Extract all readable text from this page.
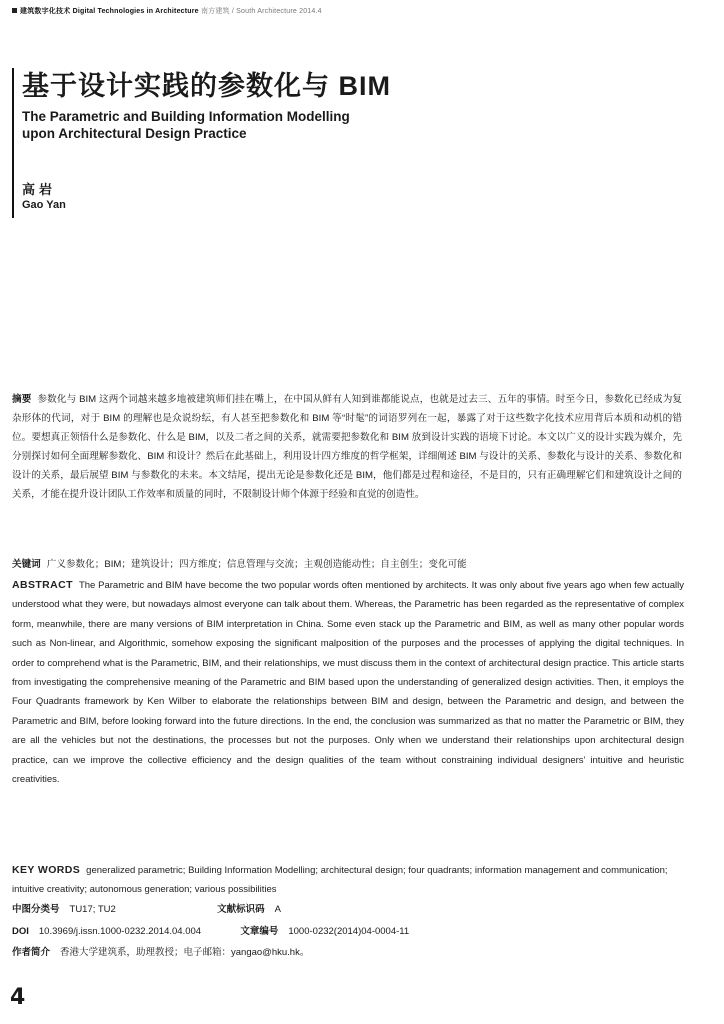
建筑数字化技术 Digital Technologies in Architecture 南方建筑 / South Architecture 2014.4
基于设计实践的参数化与 BIM
The Parametric and Building Information Modelling
upon Architectural Design Practice
高岩
Gao Yan

摘要 参数化与 BIM 这两个词越来越多地被建筑师们挂在嘴上，在中国从鲜有人知到谁都能说点，也就是过去三、五年的事情。时至今日，参数化已经成为复杂形体的代词，对于 BIM 的理解也是众说纷纭，有人甚至把参数化和 BIM 等“时髦”的词语罗列在一起，暴露了对于这些数字化技术应用背后本质和动机的错位。要想真正领悟什么是参数化、什么是 BIM，以及二者之间的关系，就需要把参数化和 BIM 放到设计实践的语境下讨论。本文以广义的设计实践为媒介，先分别探讨如何全面理解参数化、BIM 和设计？然后在此基础上，利用设计四方维度的哲学框架，详细阐述 BIM 与设计的关系、参数化与设计的关系、参数化和设计的关系，最后展望 BIM 与参数化的未来。本文结尾，提出无论是参数化还是 BIM，他们都是过程和途径，不是目的，只有正确理解它们和建筑设计之间的关系，才能在提升设计团队工作效率和质量的同时，不限制设计师个体源于经验和直觉的创造性。

关键词 广义参数化；BIM；建筑设计；四方维度；信息管理与交流；主观创造能动性；自主创生；变化可能

ABSTRACT The Parametric and BIM have become the two popular words often mentioned by architects. It was only about five years ago when few actually understood what they were, but nowadays almost everyone can talk about them. Whereas, the Parametric has been regarded as the representative of complex form, meanwhile, there are many versions of BIM interpretation in China. Some even stack up the Parametric and BIM, as well as many other popular words such as Non-linear, and Algorithmic, somehow exposing the significant malposition of the purposes and the processes of applying the digital techniques. In order to comprehend what is the Parametric, BIM, and their relationships, we must discuss them in the context of architectural design practice. This article starts from investigating the comprehensive meaning of the Parametric and BIM based upon the understanding of generalized design activities. Then, it employs the Four Quadrants framework by Ken Wilber to elaborate the relationships between BIM and design, between the Parametric and design, and between the Parametric and BIM, before looking forward into the future directions. In the end, the conclusion was summarized as that no matter the Parametric or BIM, they are all the vehicles but not the destinations, the processes but not the purposes. Only when we understand their relationships upon architectural design practice, can we improve the collective efficiency and the design qualities of the team without constraining individual designers’ intuitive and heuristic creativities.

KEY WORDS generalized parametric; Building Information Modelling; architectural design; four quadrants; information management and communication; intuitive creativity; autonomous generation; various possibilities

中图分类号 TU17; TU2	文献标识码 A
DOI 10.3969/j.issn.1000-0232.2014.04.004	文章编号 1000-0232(2014)04-0004-11
作者简介 香港大学建筑系，助理教授；电子邮箱：yangao@hku.hk。
4
